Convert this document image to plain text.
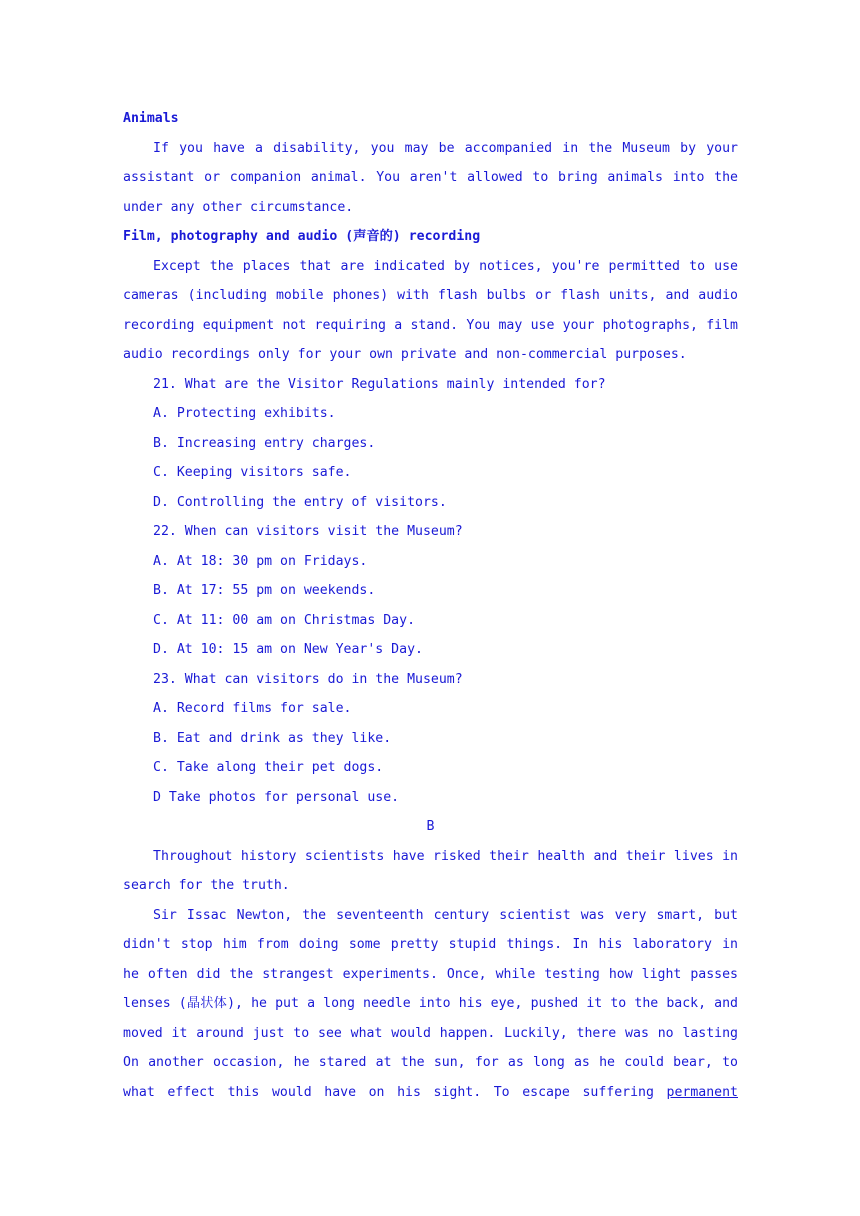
Animals
If you have a disability, you may be accompanied in the Museum by your
assistant or companion animal. You aren't allowed to bring animals into the
under any other circumstance.
Film, photography and audio (声音的) recording
Except the places that are indicated by notices, you're permitted to use
cameras (including mobile phones) with flash bulbs or flash units, and audio
recording equipment not requiring a stand. You may use your photographs, film
audio recordings only for your own private and non-commercial purposes.
21. What are the Visitor Regulations mainly intended for?
A. Protecting exhibits.
B. Increasing entry charges.
C. Keeping visitors safe.
D. Controlling the entry of visitors.
22. When can visitors visit the Museum?
A. At 18: 30 pm on Fridays.
B. At 17: 55 pm on weekends.
C. At 11: 00 am on Christmas Day.
D. At 10: 15 am on New Year's Day.
23. What can visitors do in the Museum?
A. Record films for sale.
B. Eat and drink as they like.
C. Take along their pet dogs.
D Take photos for personal use.
B
Throughout history scientists have risked their health and their lives in
search for the truth.
Sir Issac Newton, the seventeenth century scientist was very smart, but
didn't stop him from doing some pretty stupid things. In his laboratory in
he often did the strangest experiments. Once, while testing how light passes
lenses (晶状体), he put a long needle into his eye, pushed it to the back, and
moved it around just to see what would happen. Luckily, there was no lasting
On another occasion, he stared at the sun, for as long as he could bear, to
what effect this would have on his sight. To escape suffering permanent
